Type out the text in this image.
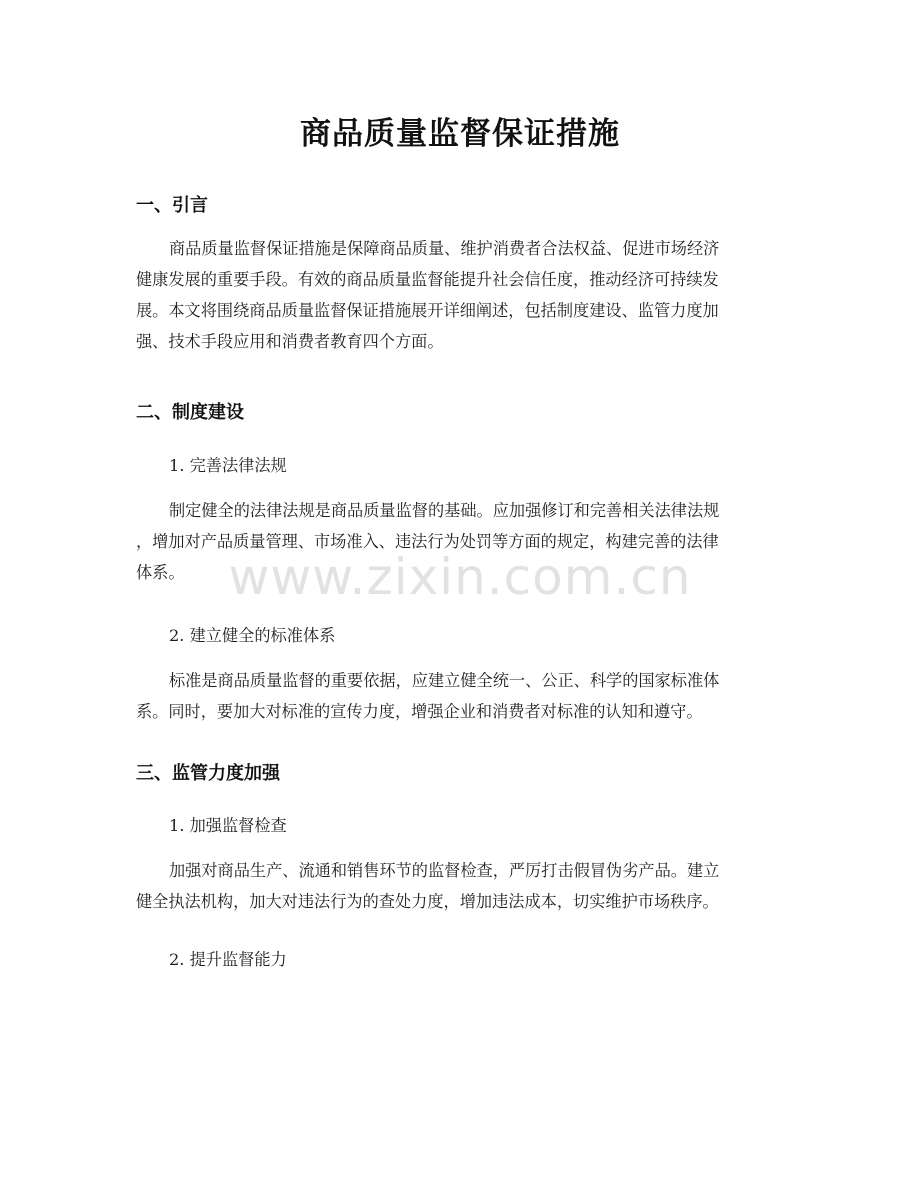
商品质量监督保证措施
一、引言
商品质量监督保证措施是保障商品质量、维护消费者合法权益、促进市场经济
健康发展的重要手段。有效的商品质量监督能提升社会信任度，推动经济可持续发
展。本文将围绕商品质量监督保证措施展开详细阐述，包括制度建设、监管力度加
强、技术手段应用和消费者教育四个方面。
二、制度建设
1. 完善法律法规
制定健全的法律法规是商品质量监督的基础。应加强修订和完善相关法律法规
，增加对产品质量管理、市场准入、违法行为处罚等方面的规定，构建完善的法律
体系。
2. 建立健全的标准体系
标准是商品质量监督的重要依据，应建立健全统一、公正、科学的国家标准体
系。同时，要加大对标准的宣传力度，增强企业和消费者对标准的认知和遵守。
三、监管力度加强
1. 加强监督检查
加强对商品生产、流通和销售环节的监督检查，严厉打击假冒伪劣产品。建立
健全执法机构，加大对违法行为的查处力度，增加违法成本，切实维护市场秩序。
2. 提升监督能力
www.zixin.com.cn
